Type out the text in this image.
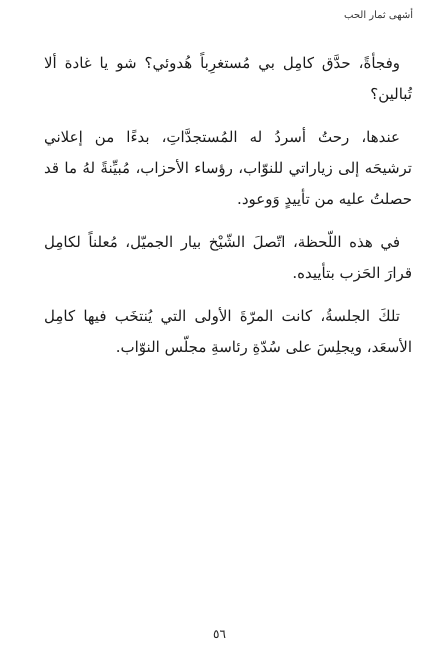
أشهى ثمار الحب

وفجأةً، حدَّق كامِل بي مُستغرِباً هُدوئي؟ شو يا غادة ألا تُبالين؟

عندها، رحتُ أسردُ له المُستجدَّاتِ، بدءًا من إعلاني ترشيحَه إلى زياراتي للنوّاب، رؤساء الأحزاب، مُبيِّنةً لهُ ما قد حصلتُ عليه من تأييدٍ وَوعود.

في هذه اللّحظة، اتّصلَ الشّيْخ بيار الجميّل، مُعلناً لكامِل قرارَ الحَزب بتأييده.

تلكَ الجلسةُ، كانت المرّةَ الأولى التي يُنتخَب فيها كامِل الأسعَد، ويجلِسَ على سُدّةِ رئاسةِ مجلّس النوّاب.

٥٦
